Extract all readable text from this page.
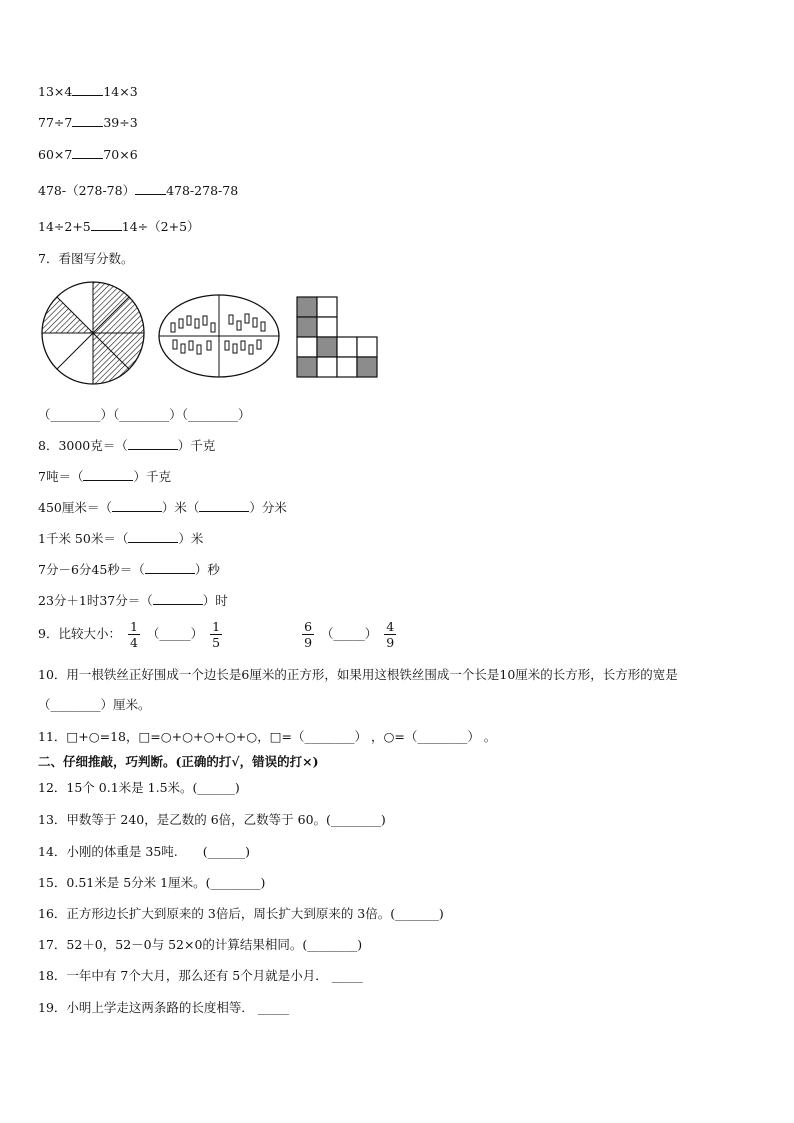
13×4 14×3
77÷7 39÷3
60×7 70×6
478-（278-78） 478-278-78
14÷2+5 14÷（2+5）
7．看图写分数。
（________）（________）（________）
8．3000克＝（	）千克
7吨＝（	）千克
450厘米＝（	）米（	）分米
1千米 50米＝（	）米
7分－6分45秒＝（	）秒
23分＋1时37分＝（	）时
9．比较大小： $\frac{1}{4}$ （_____） $\frac{1}{5}$
	$\frac{6}{9}$ （_____） $\frac{4}{9}$
10．用一根铁丝正好围成一个边长是6厘米的正方形，如果用这根铁丝围成一个长是10厘米的长方形，长方形的宽是
（________）厘米。
11．□+○=18，□=○+○+○+○+○，□=（________） ，○=（________） 。
二、仔细推敲，巧判断。(正确的打√，错误的打×)
12．15个 0.1米是 1.5米。(______)
13．甲数等于 240，是乙数的 6倍，乙数等于 60。(________)
14．小刚的体重是 35吨.　　(______)
15．0.51米是 5分米 1厘米。(________)
16．正方形边长扩大到原来的 3倍后，周长扩大到原来的 3倍。(_______)
17．52＋0，52－0与 52×0的计算结果相同。(________)
18．一年中有 7个大月，那么还有 5个月就是小月． _____
19．小明上学走这两条路的长度相等． _____
